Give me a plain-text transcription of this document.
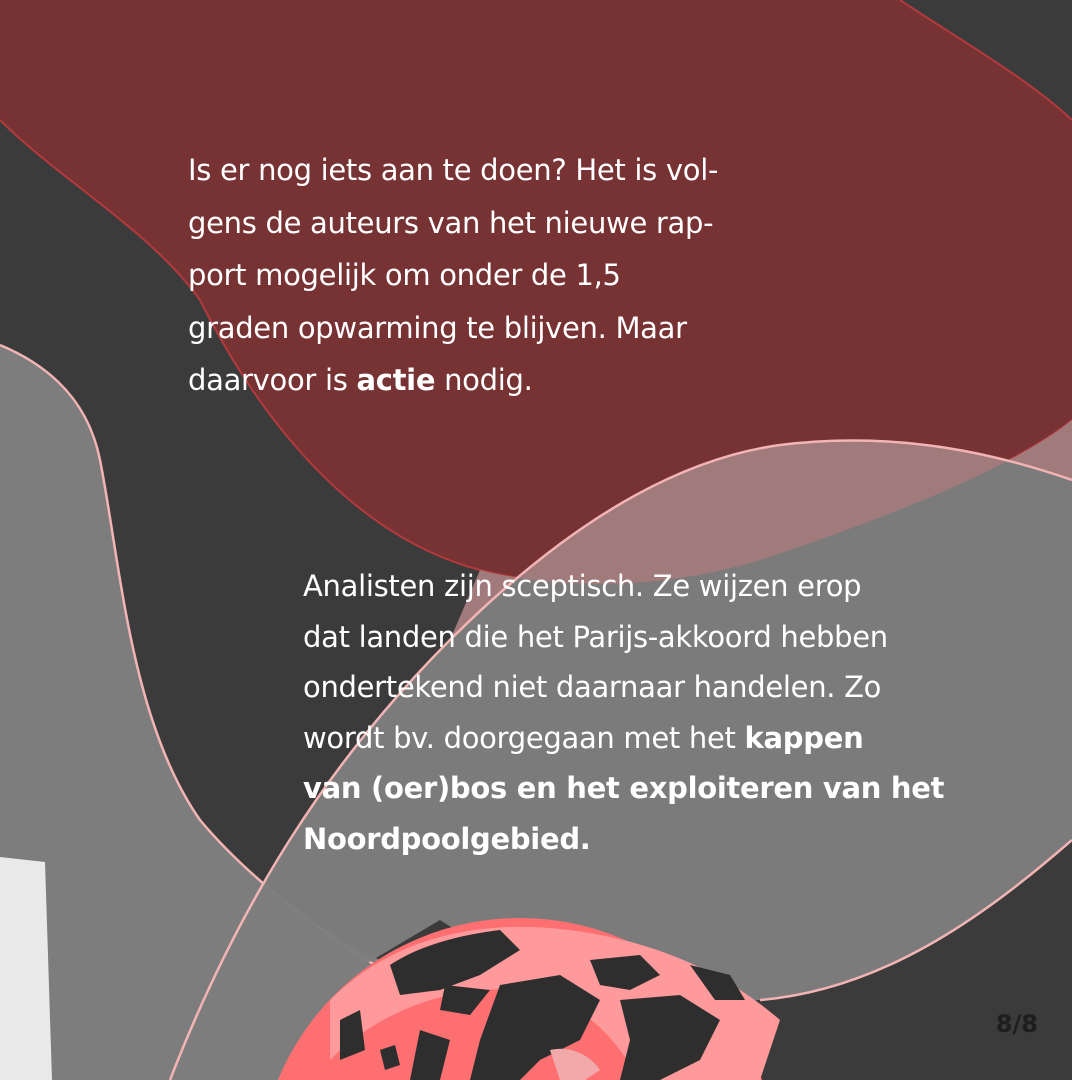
Is er nog iets aan te doen? Het is vol-

gens de auteurs van het nieuwe rap-

port mogelijk om onder de 1,5

graden opwarming te blijven. Maar

daarvoor is actie nodig.

Analisten zijn sceptisch. Ze wijzen erop

dat landen die het Parijs-akkoord hebben

ondertekend niet daarnaar handelen. Zo

wordt bv. doorgegaan met het kappen

van (oer)bos en het exploiteren van het

Noordpoolgebied.

8/8
